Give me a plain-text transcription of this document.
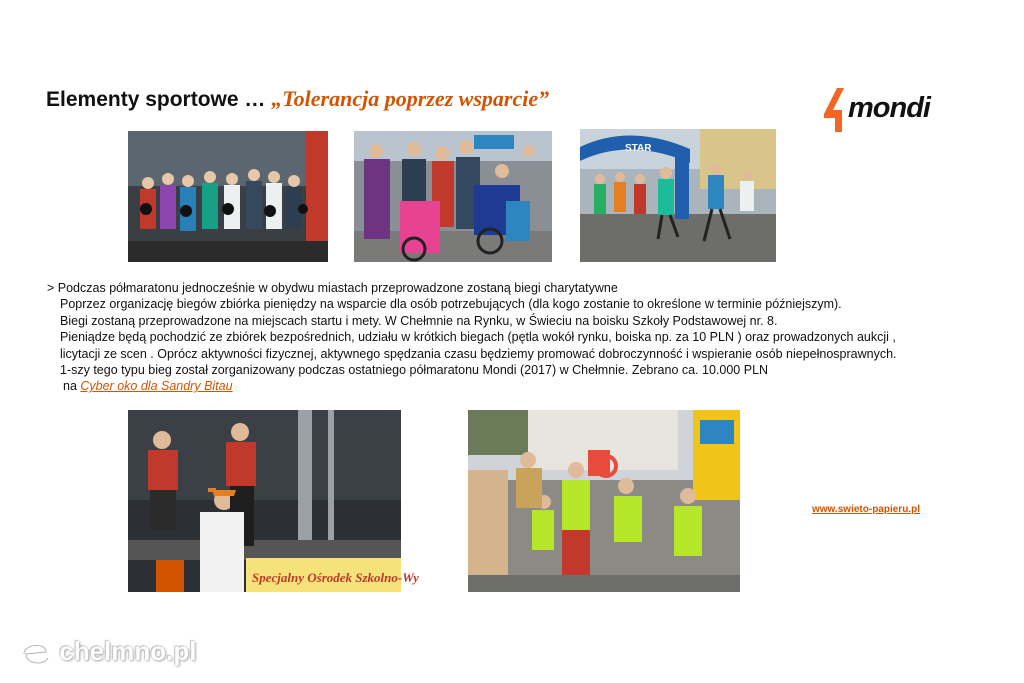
Elementy sportowe … „Tolerancja poprzez wsparcie”	mondi
STAR
> Podczas półmaratonu jednocześnie w obydwu miastach przeprowadzone zostaną biegi charytatywne
Poprzez organizację biegów zbiórka pieniędzy na wsparcie dla osób potrzebujących (dla kogo zostanie to określone w terminie późniejszym).
Biegi zostaną przeprowadzone na miejscach startu i mety. W Chełmnie na Rynku, w Świeciu na boisku Szkoły Podstawowej nr. 8.
Pieniądze będą pochodzić ze zbiórek bezpośrednich, udziału w krótkich biegach (pętla wokół rynku, boiska np. za 10 PLN ) oraz prowadzonych aukcji ,
licytacji ze scen . Oprócz aktywności fizycznej, aktywnego spędzania czasu będziemy promować dobroczynność i wspieranie osób niepełnosprawnych.
1-szy tego typu bieg został zorganizowany podczas ostatniego półmaratonu Mondi (2017) w Chełmnie. Zebrano ca. 10.000 PLN
na Cyber oko dla Sandry Bitau
Specjalny Ośrodek Szkolno-Wy
www.swieto-papieru.pl
chelmno.pl
